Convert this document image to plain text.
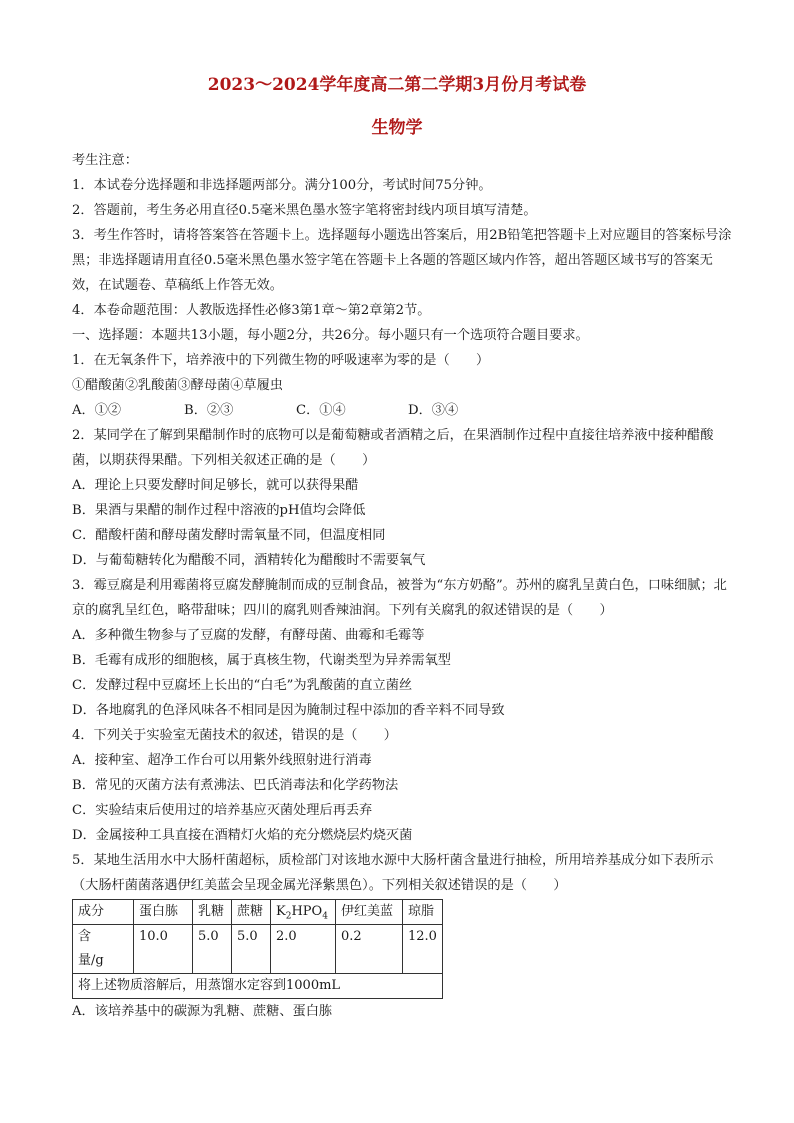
2023～2024学年度高二第二学期3月份月考试卷
生物学
考生注意：
1．本试卷分选择题和非选择题两部分。满分100分，考试时间75分钟。
2．答题前，考生务必用直径0.5毫米黑色墨水签字笔将密封线内项目填写清楚。
3．考生作答时，请将答案答在答题卡上。选择题每小题选出答案后，用2B铅笔把答题卡上对应题目的答案标号涂黑；非选择题请用直径0.5毫米黑色墨水签字笔在答题卡上各题的答题区域内作答，超出答题区域书写的答案无效，在试题卷、草稿纸上作答无效。
4．本卷命题范围：人教版选择性必修3第1章～第2章第2节。
一、选择题：本题共13小题，每小题2分，共26分。每小题只有一个选项符合题目要求。
1．在无氧条件下，培养液中的下列微生物的呼吸速率为零的是（　　）
①醋酸菌②乳酸菌③酵母菌④草履虫
A．①②	B．②③	C．①④	D．③④
2．某同学在了解到果醋制作时的底物可以是葡萄糖或者酒精之后，在果酒制作过程中直接往培养液中接种醋酸菌，以期获得果醋。下列相关叙述正确的是（　　）
A．理论上只要发酵时间足够长，就可以获得果醋
B．果酒与果醋的制作过程中溶液的pH值均会降低
C．醋酸杆菌和酵母菌发酵时需氧量不同，但温度相同
D．与葡萄糖转化为醋酸不同，酒精转化为醋酸时不需要氧气
3．霉豆腐是利用霉菌将豆腐发酵腌制而成的豆制食品，被誉为“东方奶酪”。苏州的腐乳呈黄白色，口味细腻；北京的腐乳呈红色，略带甜味；四川的腐乳则香辣油润。下列有关腐乳的叙述错误的是（　　）
A．多种微生物参与了豆腐的发酵，有酵母菌、曲霉和毛霉等
B．毛霉有成形的细胞核，属于真核生物，代谢类型为异养需氧型
C．发酵过程中豆腐坯上长出的“白毛”为乳酸菌的直立菌丝
D．各地腐乳的色泽风味各不相同是因为腌制过程中添加的香辛料不同导致
4．下列关于实验室无菌技术的叙述，错误的是（　　）
A．接种室、超净工作台可以用紫外线照射进行消毒
B．常见的灭菌方法有煮沸法、巴氏消毒法和化学药物法
C．实验结束后使用过的培养基应灭菌处理后再丢弃
D．金属接种工具直接在酒精灯火焰的充分燃烧层灼烧灭菌
5．某地生活用水中大肠杆菌超标，质检部门对该地水源中大肠杆菌含量进行抽检，所用培养基成分如下表所示（大肠杆菌菌落遇伊红美蓝会呈现金属光泽紫黑色）。下列相关叙述错误的是（　　）
成分	蛋白胨	乳糖	蔗糖	$K_2HPO_4$	伊红美蓝	琼脂
含　量/g	10.0	5.0	5.0	2.0	0.2	12.0
将上述物质溶解后，用蒸馏水定容到1000mL						
A．该培养基中的碳源为乳糖、蔗糖、蛋白胨
